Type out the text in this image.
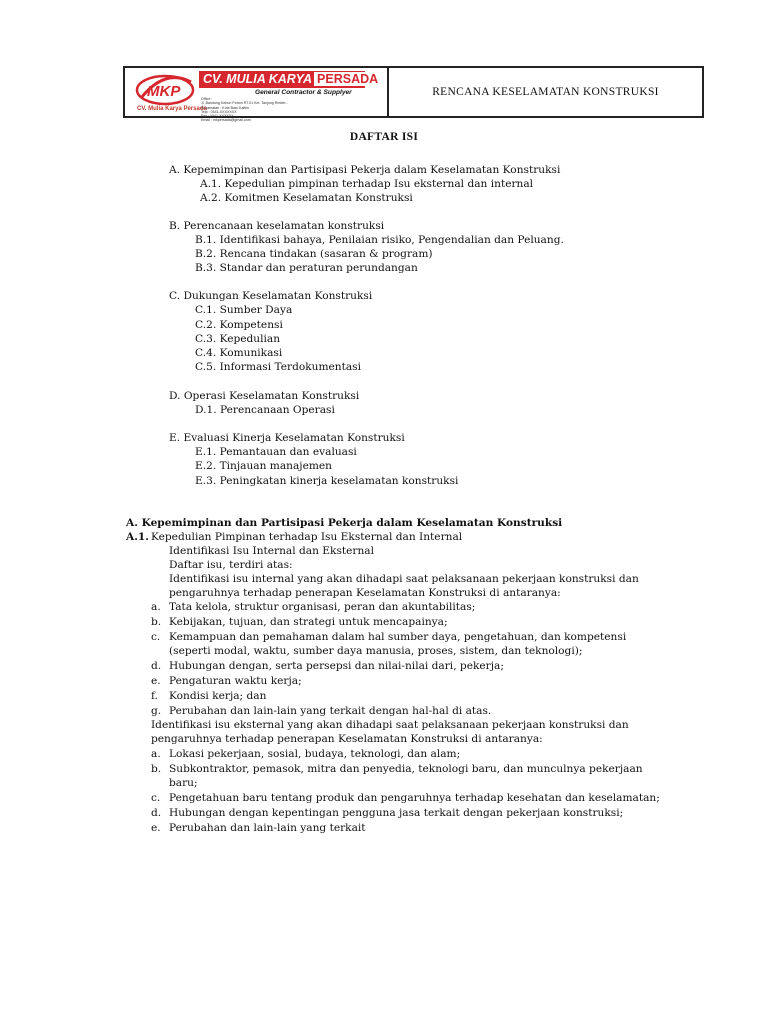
MKP
CV. Mulia Karya Persada
CV. MULIA KARYA PERSADA
General Contractor & Supplyer
Office :
Jl. Bandung Kebun Pohon RT.01 Kel. Tanjung Redeb...
Kecamatan : Kota Baru Kaltim
Telp : 0541-XXXXXXX
Fax : 0541-XXXXXX
Email : mkpersada@gmail.com
RENCANA KESELAMATAN KONSTRUKSI
DAFTAR ISI
A. Kepemimpinan dan Partisipasi Pekerja dalam Keselamatan Konstruksi
A.1. Kepedulian pimpinan terhadap Isu eksternal dan internal
A.2. Komitmen Keselamatan Konstruksi
B. Perencanaan keselamatan konstruksi
B.1. Identifikasi bahaya, Penilaian risiko, Pengendalian dan Peluang.
B.2. Rencana tindakan (sasaran & program)
B.3. Standar dan peraturan perundangan
C. Dukungan Keselamatan Konstruksi
C.1. Sumber Daya
C.2. Kompetensi
C.3. Kepedulian
C.4. Komunikasi
C.5. Informasi Terdokumentasi
D. Operasi Keselamatan Konstruksi
D.1. Perencanaan Operasi
E. Evaluasi Kinerja Keselamatan Konstruksi
E.1. Pemantauan dan evaluasi
E.2. Tinjauan manajemen
E.3. Peningkatan kinerja keselamatan konstruksi
A. Kepemimpinan dan Partisipasi Pekerja dalam Keselamatan Konstruksi
A.1. Kepedulian Pimpinan terhadap Isu Eksternal dan Internal
Identifikasi Isu Internal dan Eksternal
Daftar isu, terdiri atas:
Identifikasi isu internal yang akan dihadapi saat pelaksanaan pekerjaan konstruksi dan
pengaruhnya terhadap penerapan Keselamatan Konstruksi di antaranya:
a. Tata kelola, struktur organisasi, peran dan akuntabilitas;
b. Kebijakan, tujuan, dan strategi untuk mencapainya;
c. Kemampuan dan pemahaman dalam hal sumber daya, pengetahuan, dan kompetensi
(seperti modal, waktu, sumber daya manusia, proses, sistem, dan teknologi);
d. Hubungan dengan, serta persepsi dan nilai-nilai dari, pekerja;
e. Pengaturan waktu kerja;
f. Kondisi kerja; dan
g. Perubahan dan lain-lain yang terkait dengan hal-hal di atas.
Identifikasi isu eksternal yang akan dihadapi saat pelaksanaan pekerjaan konstruksi dan
pengaruhnya terhadap penerapan Keselamatan Konstruksi di antaranya:
a. Lokasi pekerjaan, sosial, budaya, teknologi, dan alam;
b. Subkontraktor, pemasok, mitra dan penyedia, teknologi baru, dan munculnya pekerjaan
baru;
c. Pengetahuan baru tentang produk dan pengaruhnya terhadap kesehatan dan keselamatan;
d. Hubungan dengan kepentingan pengguna jasa terkait dengan pekerjaan konstruksi;
e. Perubahan dan lain-lain yang terkait
